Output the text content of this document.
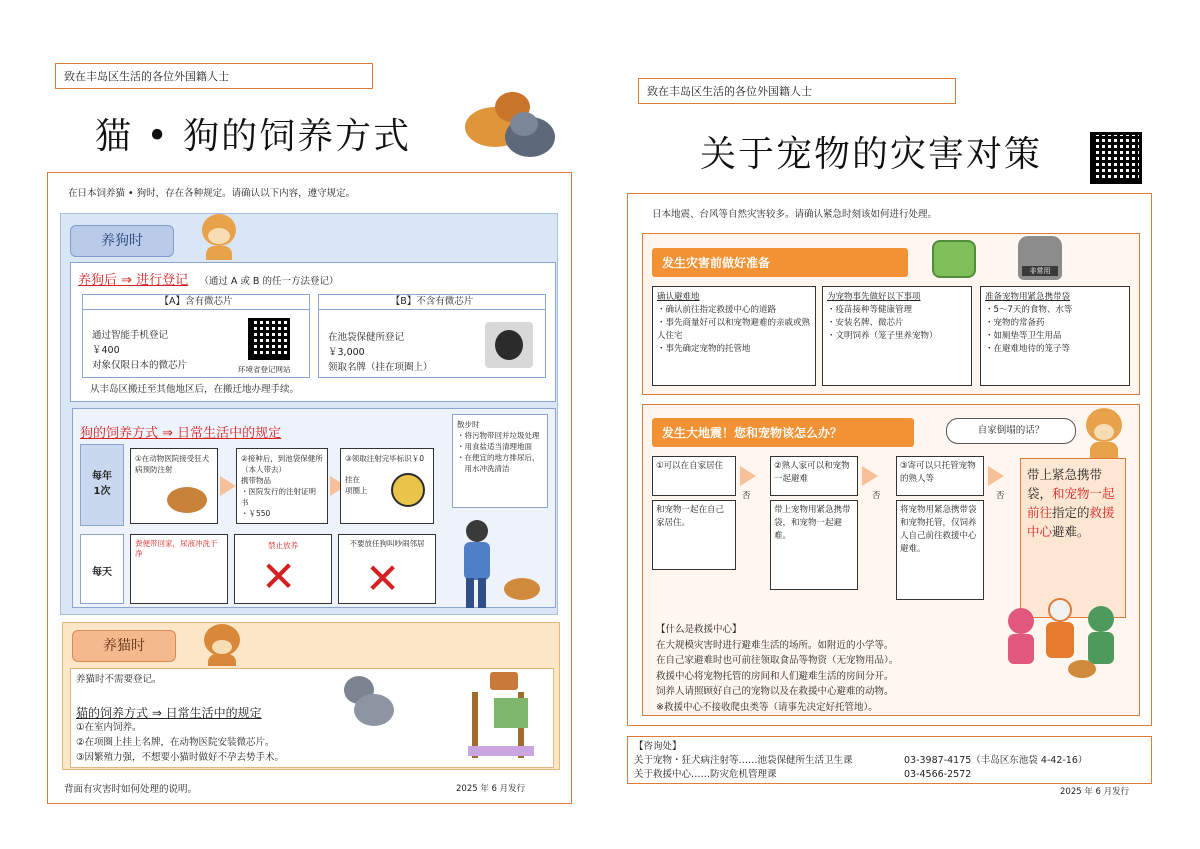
致在丰岛区生活的各位外国籍人士
猫 • 狗的饲养方式
在日本饲养猫 • 狗时，存在各种规定。请确认以下内容，遵守规定。
养狗时
养狗后 ⇒ 进行登记 （通过 A 或 B 的任一方法登记）
【A】含有微芯片
通过智能手机登记
￥400
对象仅限日本的微芯片	环境省登记网站
【B】不含有微芯片
在池袋保健所登记
￥3,000
领取名牌（挂在项圈上）
从丰岛区搬迁至其他地区后，在搬迁地办理手续。
狗的饲养方式 ⇒ 日常生活中的规定
散步时
・将污物带回并垃圾处理
・用食盐适当清理地面
・在便宜的地方排尿后，
　用水冲洗清洁
每年
1次
①在动物医院接受狂犬病预防注射
②接种后，到池袋保健所（本人带去）
携带物品
・医院发行的注射证明书
・￥550
③领取注射完毕标识￥0
挂在
项圈上
每天
粪便带回家，尿液冲洗干净
禁止放养
✕
不要放任狗叫吵闹邻居
✕
养猫时
养猫时不需要登记。
猫的饲养方式 ⇒ 日常生活中的规定
①在室内饲养。
②在项圈上挂上名牌，在动物医院安装微芯片。
③因繁殖力强，不想要小猫时做好不孕去势手术。
背面有灾害时如何处理的说明。	2025 年 6 月发行
致在丰岛区生活的各位外国籍人士
关于宠物的灾害对策
日本地震、台风等自然灾害较多。请确认紧急时刻该如何进行处理。
发生灾害前做好准备
非常用
确认避难地
・确认前往指定救援中心的道路
・事先商量好可以和宠物避难的亲戚或熟人住宅
・事先确定宠物的托管地
为宠物事先做好以下事项
・疫苗接种等健康管理
・安装名牌、微芯片
・文明饲养（笼子里养宠物）
准备宠物用紧急携带袋
・5～7天的食物、水等
・宠物的常备药
・如厕垫等卫生用品
・在避难地待的笼子等
发生大地震！您和宠物该怎么办？	自家倒塌的话？
①可以在自家居住
和宠物一起在自己家居住。
否
②熟人家可以和宠物一起避难
带上宠物用紧急携带袋，和宠物一起避难。
否
③寄可以只托管宠物的熟人等
将宠物用紧急携带袋和宠物托管，仅饲养人自己前往救援中心避难。
否
带上紧急携带袋，和宠物一起前往指定的救援中心避难。
【什么是救援中心】
在大规模灾害时进行避难生活的场所。如附近的小学等。
在自己家避难时也可前往领取食品等物资（无宠物用品）。
救援中心将宠物托管的房间和人们避难生活的房间分开。
饲养人请照顾好自己的宠物以及在救援中心避难的动物。
※救援中心不接收爬虫类等（请事先决定好托管地）。
【咨询处】
关于宠物・狂犬病注射等……池袋保健所生活卫生课	03-3987-4175（丰岛区东池袋 4-42-16）
关于救援中心……防灾危机管理课	03-4566-2572
2025 年 6 月发行
